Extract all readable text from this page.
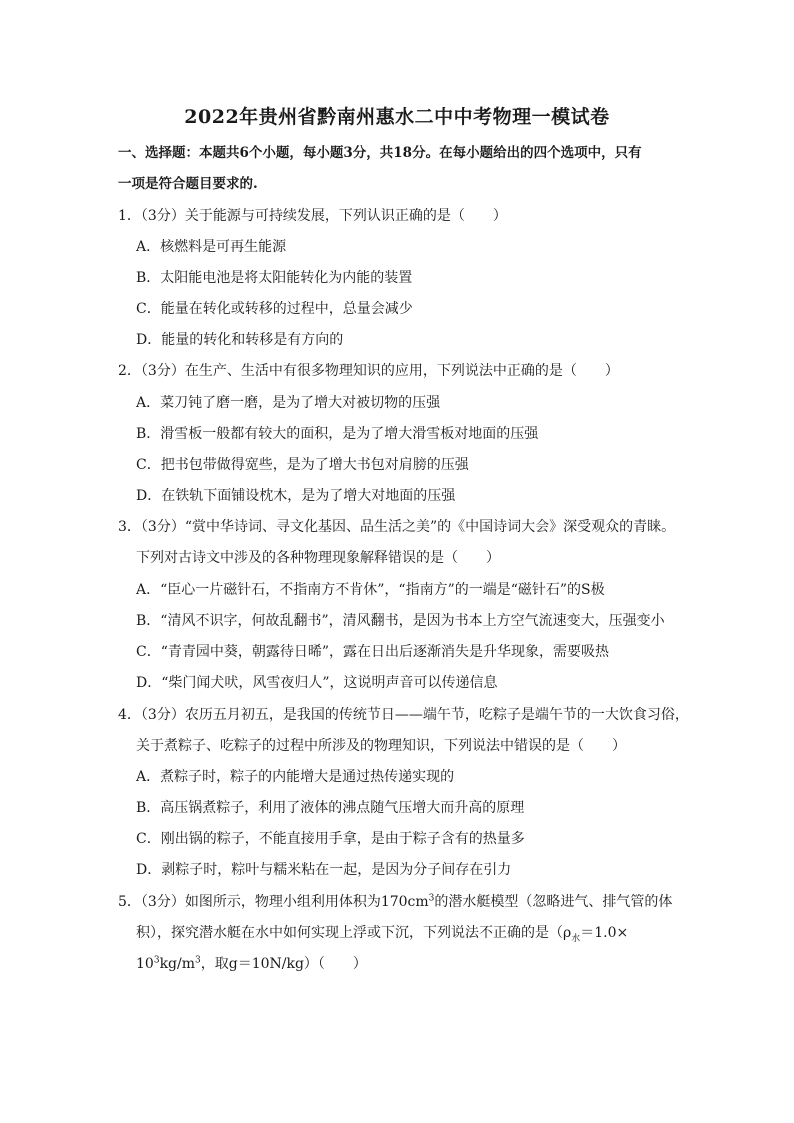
2022年贵州省黔南州惠水二中中考物理一模试卷
一、选择题：本题共6个小题，每小题3分，共18分。在每小题给出的四个选项中，只有
一项是符合题目要求的.
1．（3分）关于能源与可持续发展，下列认识正确的是（　　）
A．核燃料是可再生能源
B．太阳能电池是将太阳能转化为内能的装置
C．能量在转化或转移的过程中，总量会减少
D．能量的转化和转移是有方向的
2．（3分）在生产、生活中有很多物理知识的应用，下列说法中正确的是（　　）
A．菜刀钝了磨一磨，是为了增大对被切物的压强
B．滑雪板一般都有较大的面积，是为了增大滑雪板对地面的压强
C．把书包带做得宽些，是为了增大书包对肩膀的压强
D．在铁轨下面铺设枕木，是为了增大对地面的压强
3．（3分）“赏中华诗词、寻文化基因、品生活之美”的《中国诗词大会》深受观众的青睐。
下列对古诗文中涉及的各种物理现象解释错误的是（　　）
A．“臣心一片磁针石，不指南方不肯休”，“指南方”的一端是“磁针石”的S极
B．“清风不识字，何故乱翻书”，清风翻书，是因为书本上方空气流速变大，压强变小
C．“青青园中葵，朝露待日晞”，露在日出后逐渐消失是升华现象，需要吸热
D．“柴门闻犬吠，风雪夜归人”，这说明声音可以传递信息
4．（3分）农历五月初五，是我国的传统节日——端午节，吃粽子是端午节的一大饮食习俗，
关于煮粽子、吃粽子的过程中所涉及的物理知识，下列说法中错误的是（　　）
A．煮粽子时，粽子的内能增大是通过热传递实现的
B．高压锅煮粽子，利用了液体的沸点随气压增大而升高的原理
C．刚出锅的粽子，不能直接用手拿，是由于粽子含有的热量多
D．剥粽子时，粽叶与糯米粘在一起，是因为分子间存在引力
5．（3分）如图所示，物理小组利用体积为$170cm^3$的潜水艇模型（忽略进气、排气管的体
积），探究潜水艇在水中如何实现上浮或下沉，下列说法不正确的是（$\rho_水=1.0\times$
$10^3kg/m^3$，取g＝10N/kg）（　　）
